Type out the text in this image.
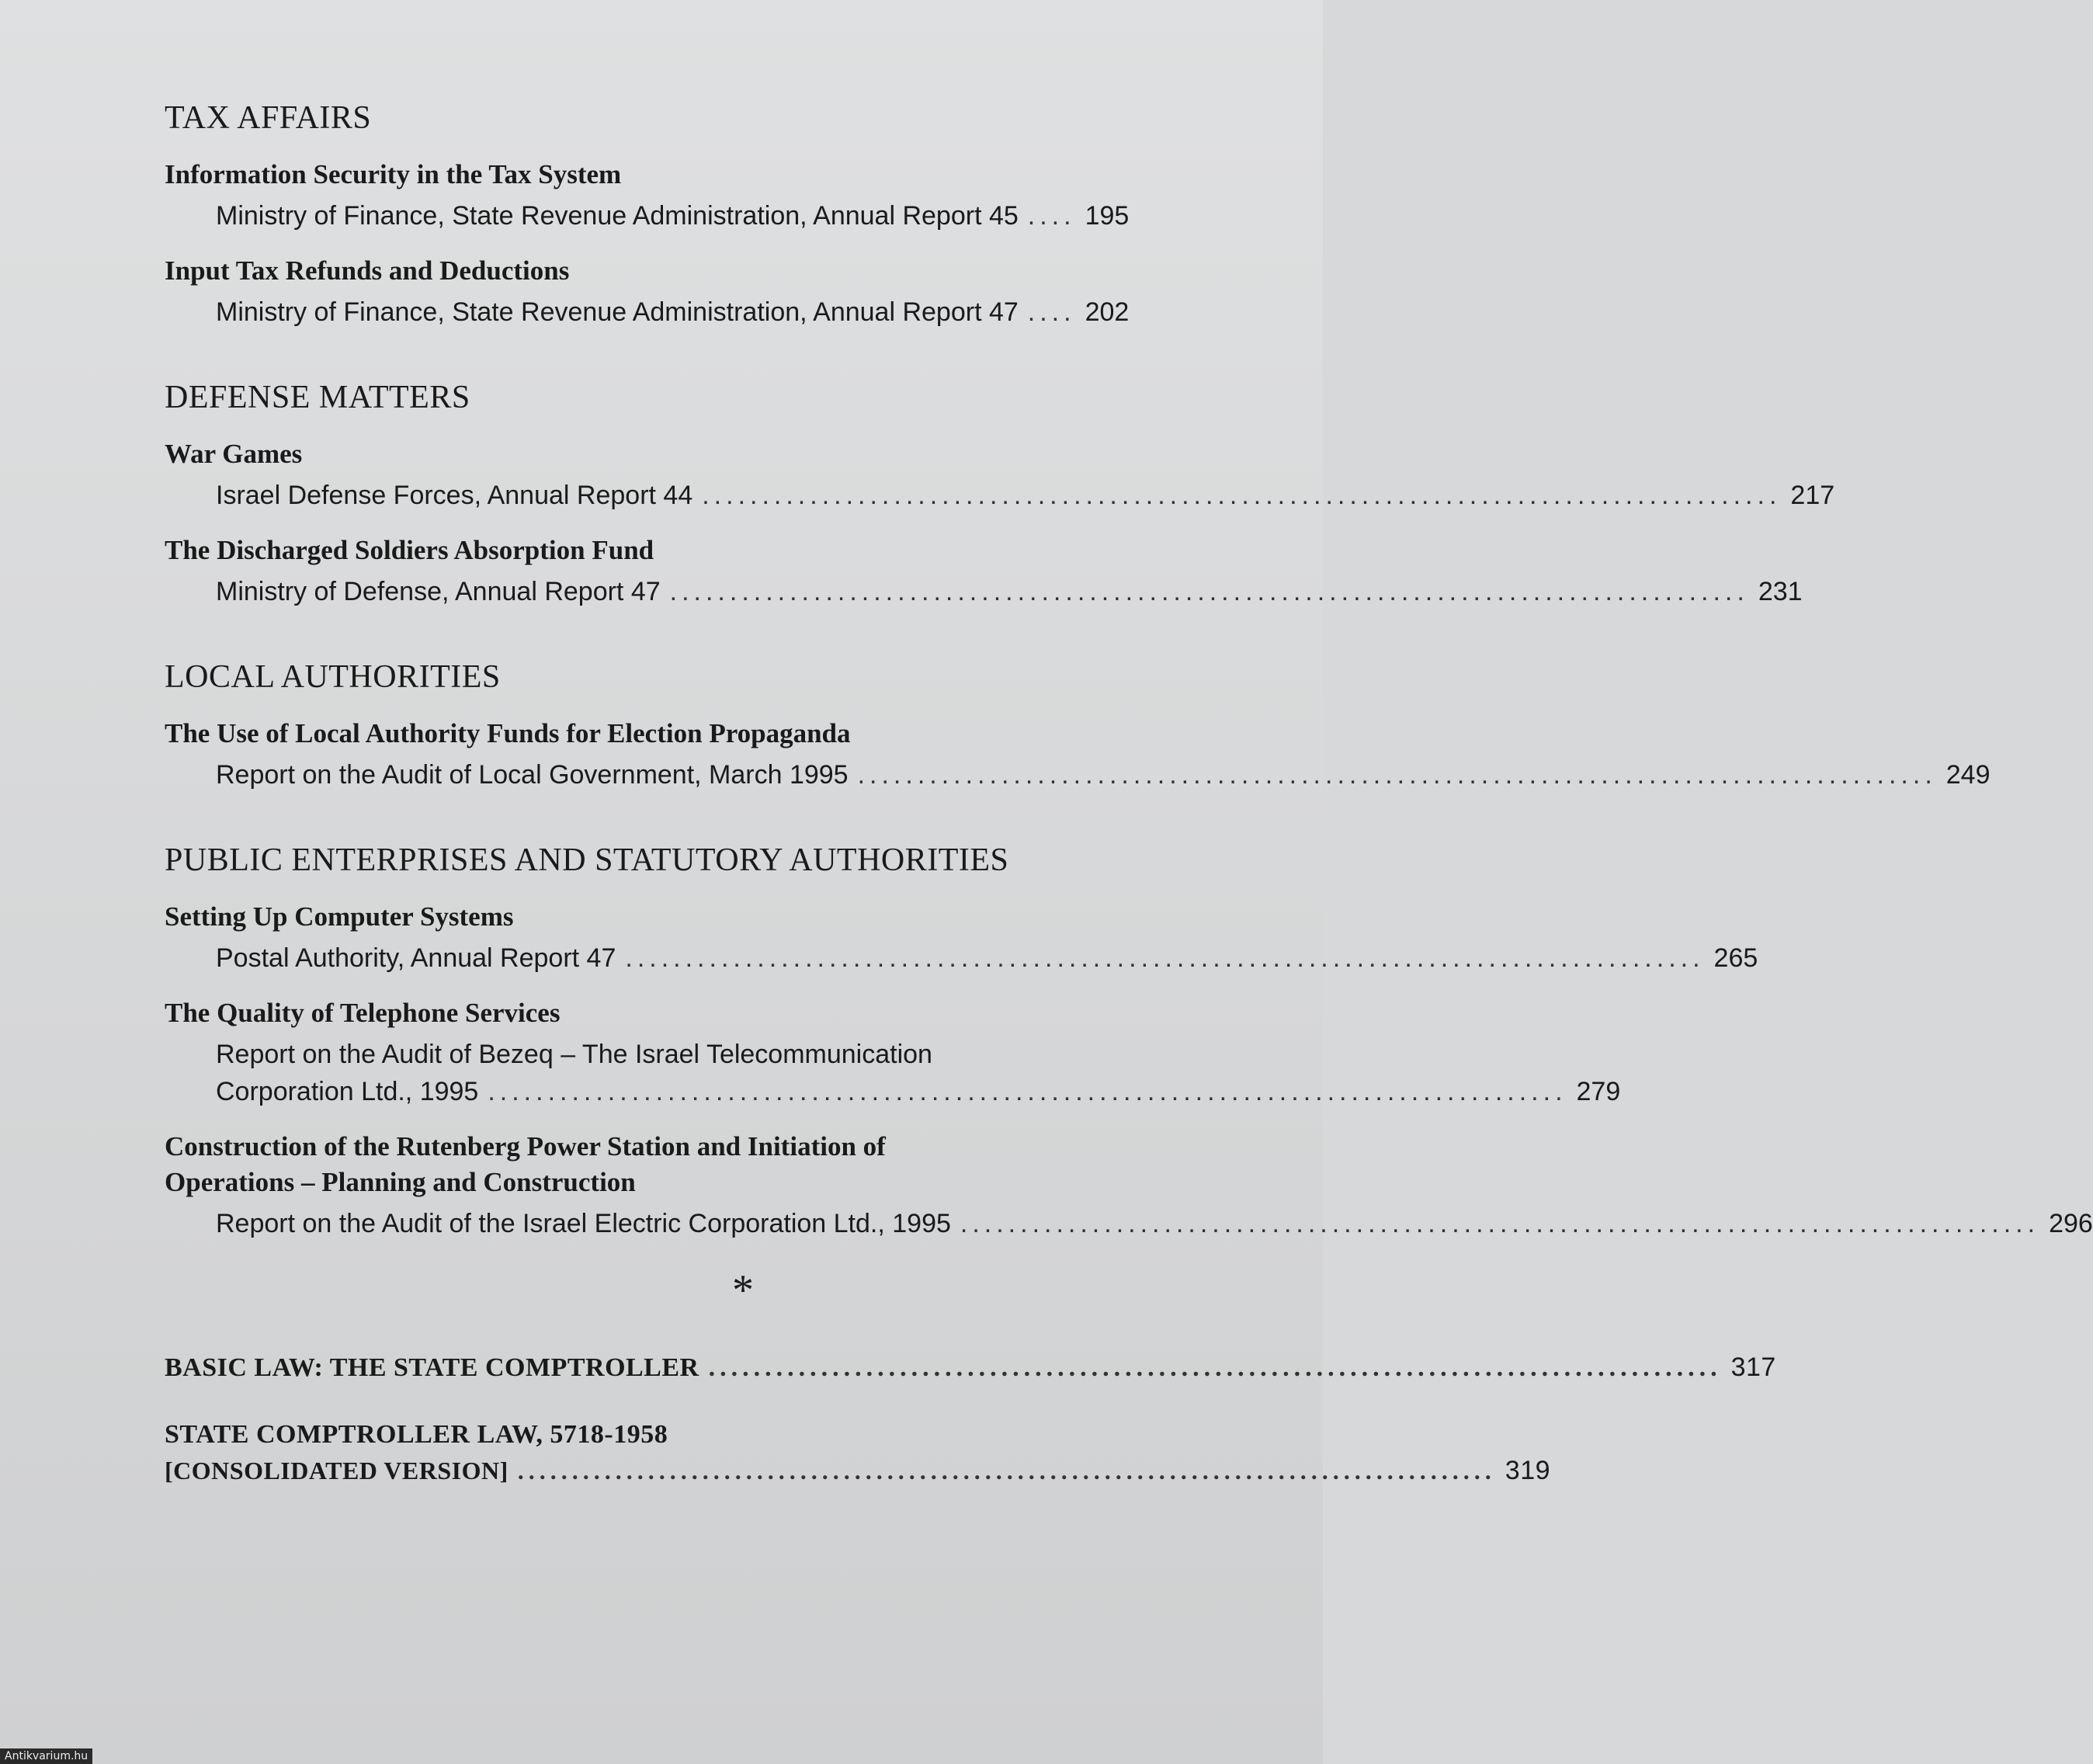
TAX AFFAIRS
Information Security in the Tax System
Ministry of Finance, State Revenue Administration, Annual Report 45 .... 195
Input Tax Refunds and Deductions
Ministry of Finance, State Revenue Administration, Annual Report 47 .... 202
DEFENSE MATTERS
War Games
Israel Defense Forces, Annual Report 44 .......................................................................................... 217
The Discharged Soldiers Absorption Fund
Ministry of Defense, Annual Report 47 .......................................................................................... 231
LOCAL AUTHORITIES
The Use of Local Authority Funds for Election Propaganda
Report on the Audit of Local Government, March 1995 .......................................................................................... 249
PUBLIC ENTERPRISES AND STATUTORY AUTHORITIES
Setting Up Computer Systems
Postal Authority, Annual Report 47 .......................................................................................... 265
The Quality of Telephone Services
Report on the Audit of Bezeq – The Israel Telecommunication
Corporation Ltd., 1995 .......................................................................................... 279
Construction of the Rutenberg Power Station and Initiation of
Operations – Planning and Construction
Report on the Audit of the Israel Electric Corporation Ltd., 1995 .......................................................................................... 296
*
BASIC LAW: THE STATE COMPTROLLER .......................................................................................... 317
STATE COMPTROLLER LAW, 5718-1958
[CONSOLIDATED VERSION] .......................................................................................... 319
Antikvarium.hu
